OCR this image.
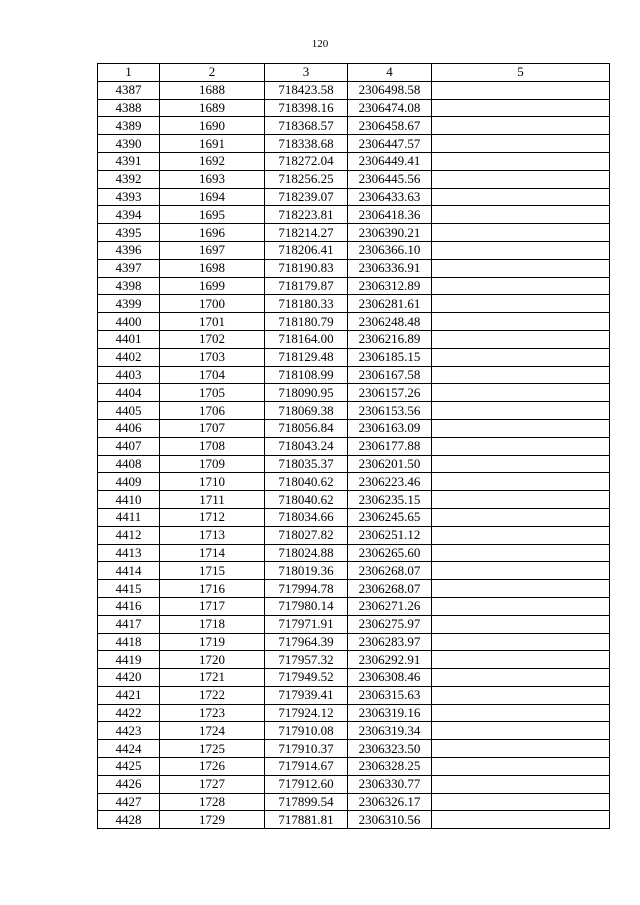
120
1	2	3	4	5
4387	1688	718423.58	2306498.58	
4388	1689	718398.16	2306474.08	
4389	1690	718368.57	2306458.67	
4390	1691	718338.68	2306447.57	
4391	1692	718272.04	2306449.41	
4392	1693	718256.25	2306445.56	
4393	1694	718239.07	2306433.63	
4394	1695	718223.81	2306418.36	
4395	1696	718214.27	2306390.21	
4396	1697	718206.41	2306366.10	
4397	1698	718190.83	2306336.91	
4398	1699	718179.87	2306312.89	
4399	1700	718180.33	2306281.61	
4400	1701	718180.79	2306248.48	
4401	1702	718164.00	2306216.89	
4402	1703	718129.48	2306185.15	
4403	1704	718108.99	2306167.58	
4404	1705	718090.95	2306157.26	
4405	1706	718069.38	2306153.56	
4406	1707	718056.84	2306163.09	
4407	1708	718043.24	2306177.88	
4408	1709	718035.37	2306201.50	
4409	1710	718040.62	2306223.46	
4410	1711	718040.62	2306235.15	
4411	1712	718034.66	2306245.65	
4412	1713	718027.82	2306251.12	
4413	1714	718024.88	2306265.60	
4414	1715	718019.36	2306268.07	
4415	1716	717994.78	2306268.07	
4416	1717	717980.14	2306271.26	
4417	1718	717971.91	2306275.97	
4418	1719	717964.39	2306283.97	
4419	1720	717957.32	2306292.91	
4420	1721	717949.52	2306308.46	
4421	1722	717939.41	2306315.63	
4422	1723	717924.12	2306319.16	
4423	1724	717910.08	2306319.34	
4424	1725	717910.37	2306323.50	
4425	1726	717914.67	2306328.25	
4426	1727	717912.60	2306330.77	
4427	1728	717899.54	2306326.17	
4428	1729	717881.81	2306310.56	
